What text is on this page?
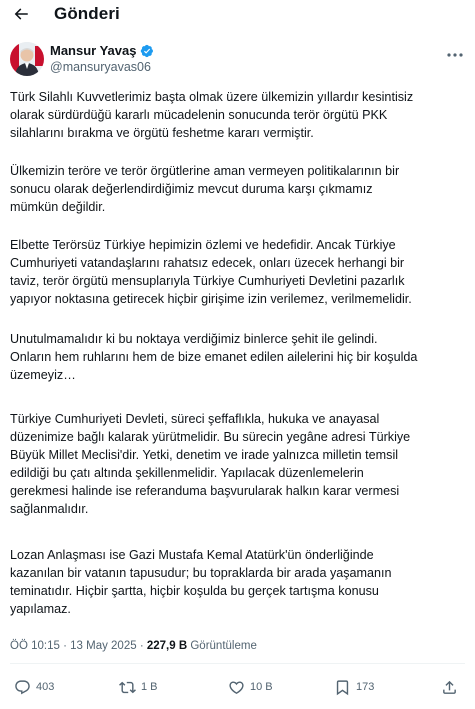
Gönderi
Mansur Yavaş
@mansuryavas06
Türk Silahlı Kuvvetlerimiz başta olmak üzere ülkemizin yıllardır kesintisiz
olarak sürdürdüğü kararlı mücadelenin sonucunda terör örgütü PKK
silahlarını bırakma ve örgütü feshetme kararı vermiştir.
Ülkemizin teröre ve terör örgütlerine aman vermeyen politikalarının bir
sonucu olarak değerlendirdiğimiz mevcut duruma karşı çıkmamız
mümkün değildir.
Elbette Terörsüz Türkiye hepimizin özlemi ve hedefidir. Ancak Türkiye
Cumhuriyeti vatandaşlarını rahatsız edecek, onları üzecek herhangi bir
taviz, terör örgütü mensuplarıyla Türkiye Cumhuriyeti Devletini pazarlık
yapıyor noktasına getirecek hiçbir girişime izin verilemez, verilmemelidir.
Unutulmamalıdır ki bu noktaya verdiğimiz binlerce şehit ile gelindi.
Onların hem ruhlarını hem de bize emanet edilen ailelerini hiç bir koşulda
üzemeyiz…
Türkiye Cumhuriyeti Devleti, süreci şeffaflıkla, hukuka ve anayasal
düzenimize bağlı kalarak yürütmelidir. Bu sürecin yegâne adresi Türkiye
Büyük Millet Meclisi'dir. Yetki, denetim ve irade yalnızca milletin temsil
edildiği bu çatı altında şekillenmelidir. Yapılacak düzenlemelerin
gerekmesi halinde ise referanduma başvurularak halkın karar vermesi
sağlanmalıdır.
Lozan Anlaşması ise Gazi Mustafa Kemal Atatürk'ün önderliğinde
kazanılan bir vatanın tapusudur; bu topraklarda bir arada yaşamanın
teminatıdır. Hiçbir şartta, hiçbir koşulda bu gerçek tartışma konusu
yapılamaz.
ÖÖ 10:15 · 13 May 2025 · 227,9 B Görüntüleme
403	1 B	10 B	173
